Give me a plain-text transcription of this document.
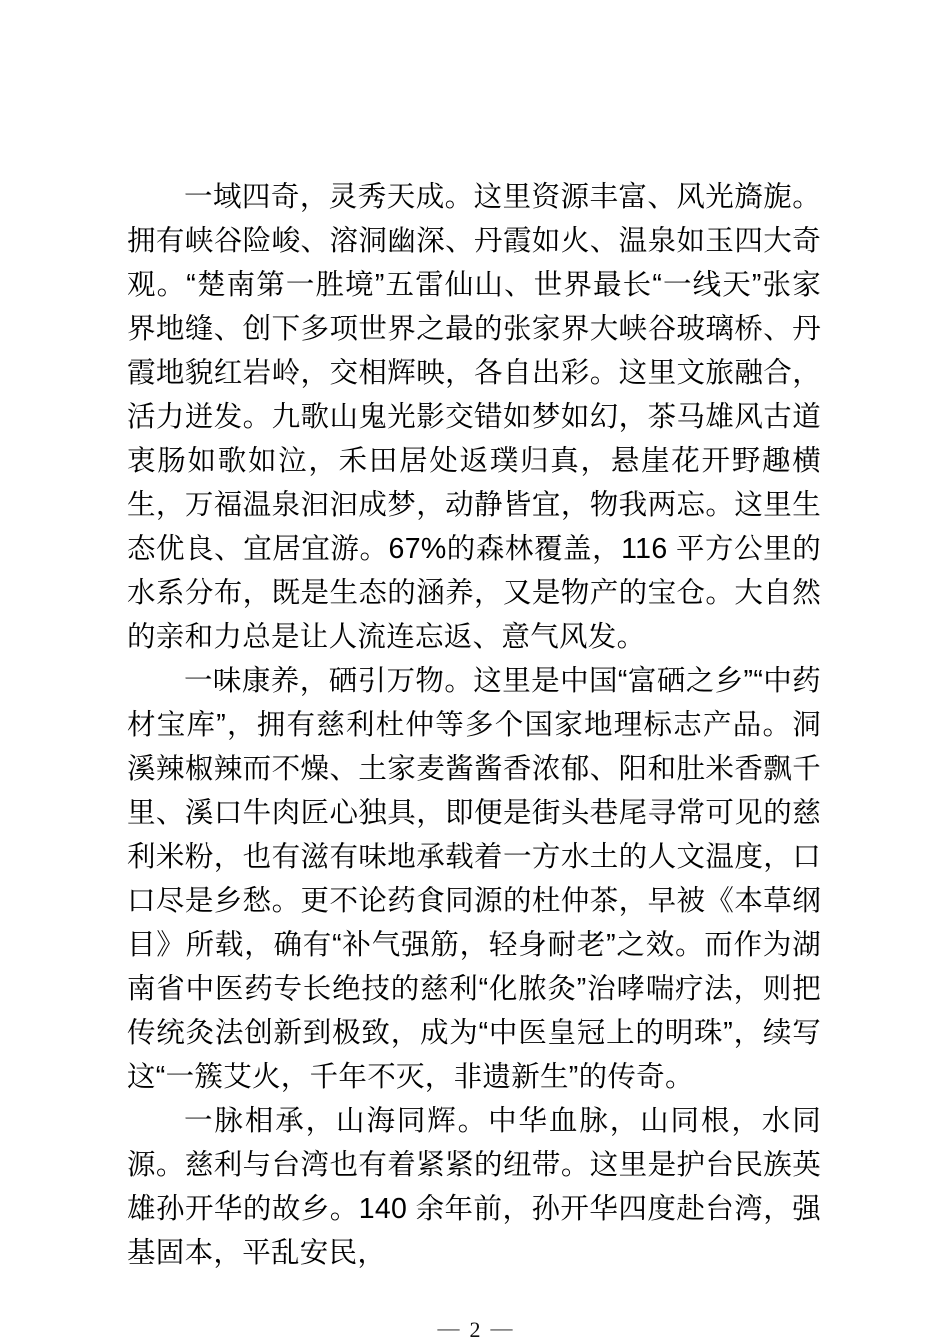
一域四奇，灵秀天成。这里资源丰富、风光旖旎。拥有峡谷险峻、溶洞幽深、丹霞如火、温泉如玉四大奇观。“楚南第一胜境”五雷仙山、世界最长“一线天”张家界地缝、创下多项世界之最的张家界大峡谷玻璃桥、丹霞地貌红岩岭，交相辉映，各自出彩。这里文旅融合，活力迸发。九歌山鬼光影交错如梦如幻，茶马雄风古道衷肠如歌如泣，禾田居处返璞归真，悬崖花开野趣横生，万福温泉汩汩成梦，动静皆宜，物我两忘。这里生态优良、宜居宜游。67%的森林覆盖，116 平方公里的水系分布，既是生态的涵养，又是物产的宝仓。大自然的亲和力总是让人流连忘返、意气风发。

一味康养，硒引万物。这里是中国“富硒之乡”“中药材宝库”，拥有慈利杜仲等多个国家地理标志产品。洞溪辣椒辣而不燥、土家麦酱酱香浓郁、阳和肚米香飘千里、溪口牛肉匠心独具，即便是街头巷尾寻常可见的慈利米粉，也有滋有味地承载着一方水土的人文温度，口口尽是乡愁。更不论药食同源的杜仲茶，早被《本草纲目》所载，确有“补气强筋，轻身耐老”之效。而作为湖南省中医药专长绝技的慈利“化脓灸”治哮喘疗法，则把传统灸法创新到极致，成为“中医皇冠上的明珠”，续写这“一簇艾火，千年不灭，非遗新生”的传奇。

一脉相承，山海同辉。中华血脉，山同根，水同源。慈利与台湾也有着紧紧的纽带。这里是护台民族英雄孙开华的故乡。140 余年前，孙开华四度赴台湾，强基固本，平乱安民，

— 2 —
